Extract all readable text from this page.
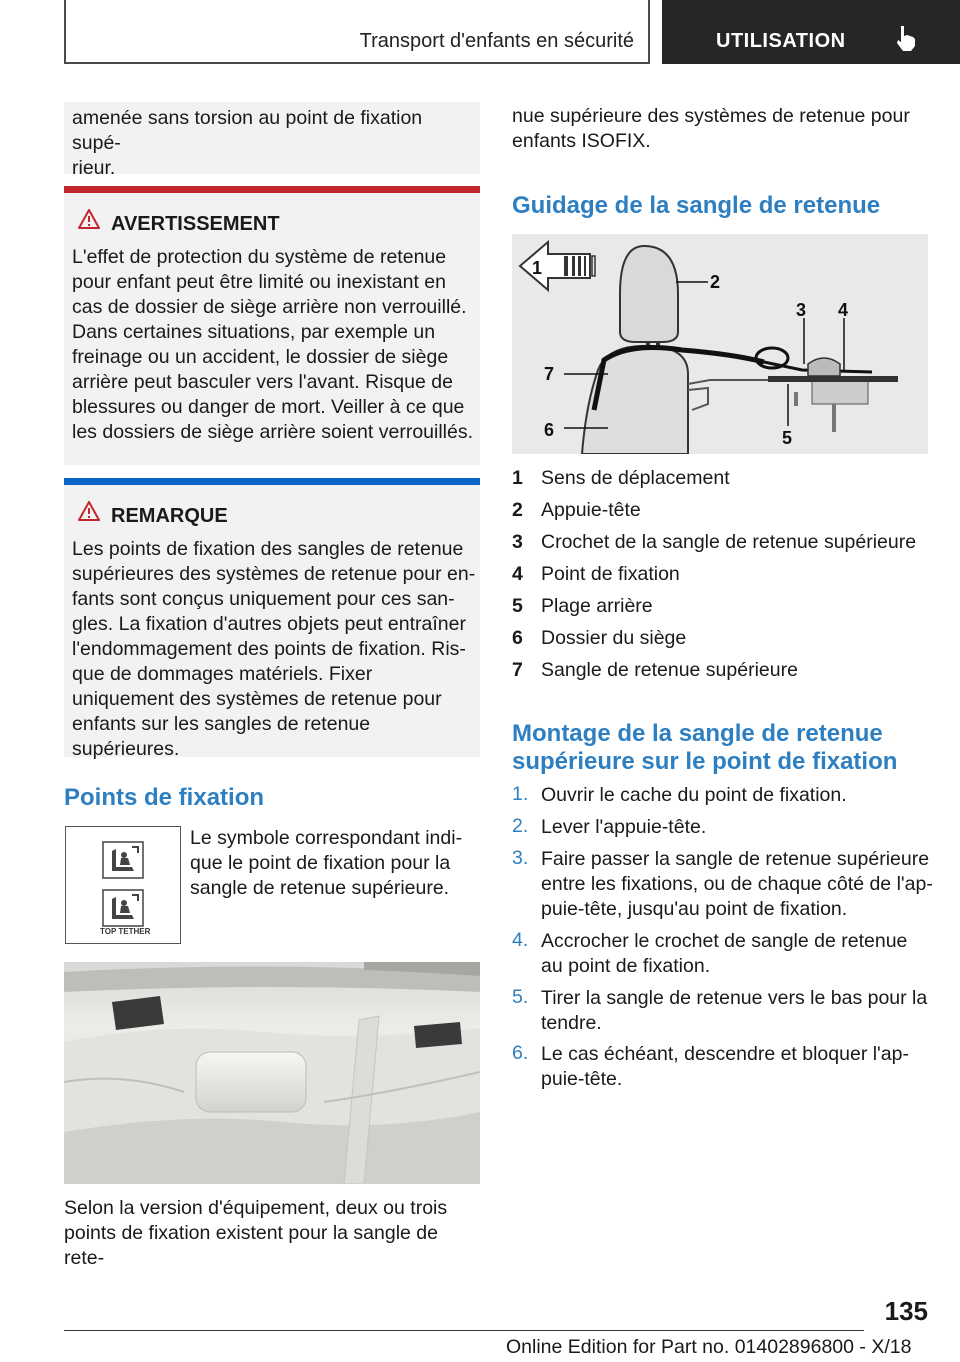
Transport d'enfants en sécurité	UTILISATION

amenée sans torsion au point de fixation supé-
rieur.

AVERTISSEMENT

L'effet de protection du système de retenue pour enfant peut être limité ou inexistant en cas de dossier de siège arrière non verrouillé. Dans certaines situations, par exemple un freinage ou un accident, le dossier de siège arrière peut basculer vers l'avant. Risque de blessures ou danger de mort. Veiller à ce que les dossiers de siège arrière soient verrouillés.

REMARQUE

Les points de fixation des sangles de retenue supérieures des systèmes de retenue pour en-fants sont conçus uniquement pour ces san-gles. La fixation d'autres objets peut entraîner l'endommagement des points de fixation. Ris-que de dommages matériels. Fixer uniquement des systèmes de retenue pour enfants sur les sangles de retenue supérieures.

Points de fixation
TOP TETHER

Le symbole correspondant indi-que le point de fixation pour la sangle de retenue supérieure.

Selon la version d'équipement, deux ou trois points de fixation existent pour la sangle de rete-

nue supérieure des systèmes de retenue pour enfants ISOFIX.

Guidage de la sangle de retenue
1
2
3 4
5
6
7
1 Sens de déplacement
2 Appuie-tête
3 Crochet de la sangle de retenue supérieure
4 Point de fixation
5 Plage arrière
6 Dossier du siège
7 Sangle de retenue supérieure
Montage de la sangle de retenue supérieure sur le point de fixation
1. Ouvrir le cache du point de fixation.
2. Lever l'appuie-tête.
3. Faire passer la sangle de retenue supérieure entre les fixations, ou de chaque côté de l'ap-puie-tête, jusqu'au point de fixation.
4. Accrocher le crochet de sangle de retenue au point de fixation.
5. Tirer la sangle de retenue vers le bas pour la tendre.
6. Le cas échéant, descendre et bloquer l'ap-puie-tête.
135
Online Edition for Part no. 01402896800 - X/18
